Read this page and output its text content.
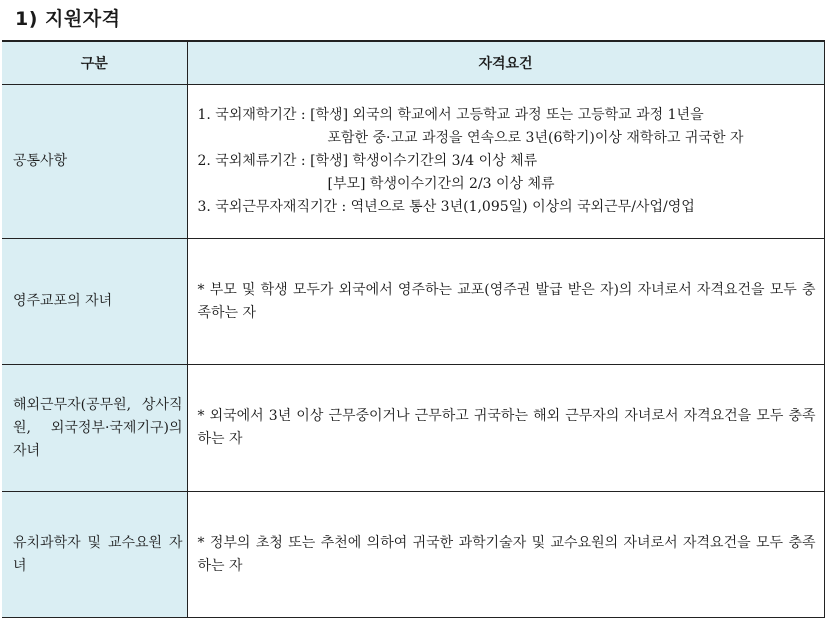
1) 지원자격
구분	자격요건
공통사항	1. 국외재학기간 : [학생] 외국의 학교에서 고등학교 과정 또는 고등학교 과정 1년을
포함한 중·고교 과정을 연속으로 3년(6학기)이상 재학하고 귀국한 자
2. 국외체류기간 : [학생] 학생이수기간의 3/4 이상 체류
[부모] 학생이수기간의 2/3 이상 체류
3. 국외근무자재직기간 : 역년으로 통산 3년(1,095일) 이상의 국외근무/사업/영업

영주교포의 자녀	* 부모 및 학생 모두가 외국에서 영주하는 교포(영주권 발급 받은 자)의 자녀로서 자격요건을 모두 충족하는 자

해외근무자(공무원, 상사직원, 외국정부·국제기구)의 자녀	* 외국에서 3년 이상 근무중이거나 근무하고 귀국하는 해외 근무자의 자녀로서 자격요건을 모두 충족하는 자

유치과학자 및 교수요원 자녀	* 정부의 초청 또는 추천에 의하여 귀국한 과학기술자 및 교수요원의 자녀로서 자격요건을 모두 충족하는 자
